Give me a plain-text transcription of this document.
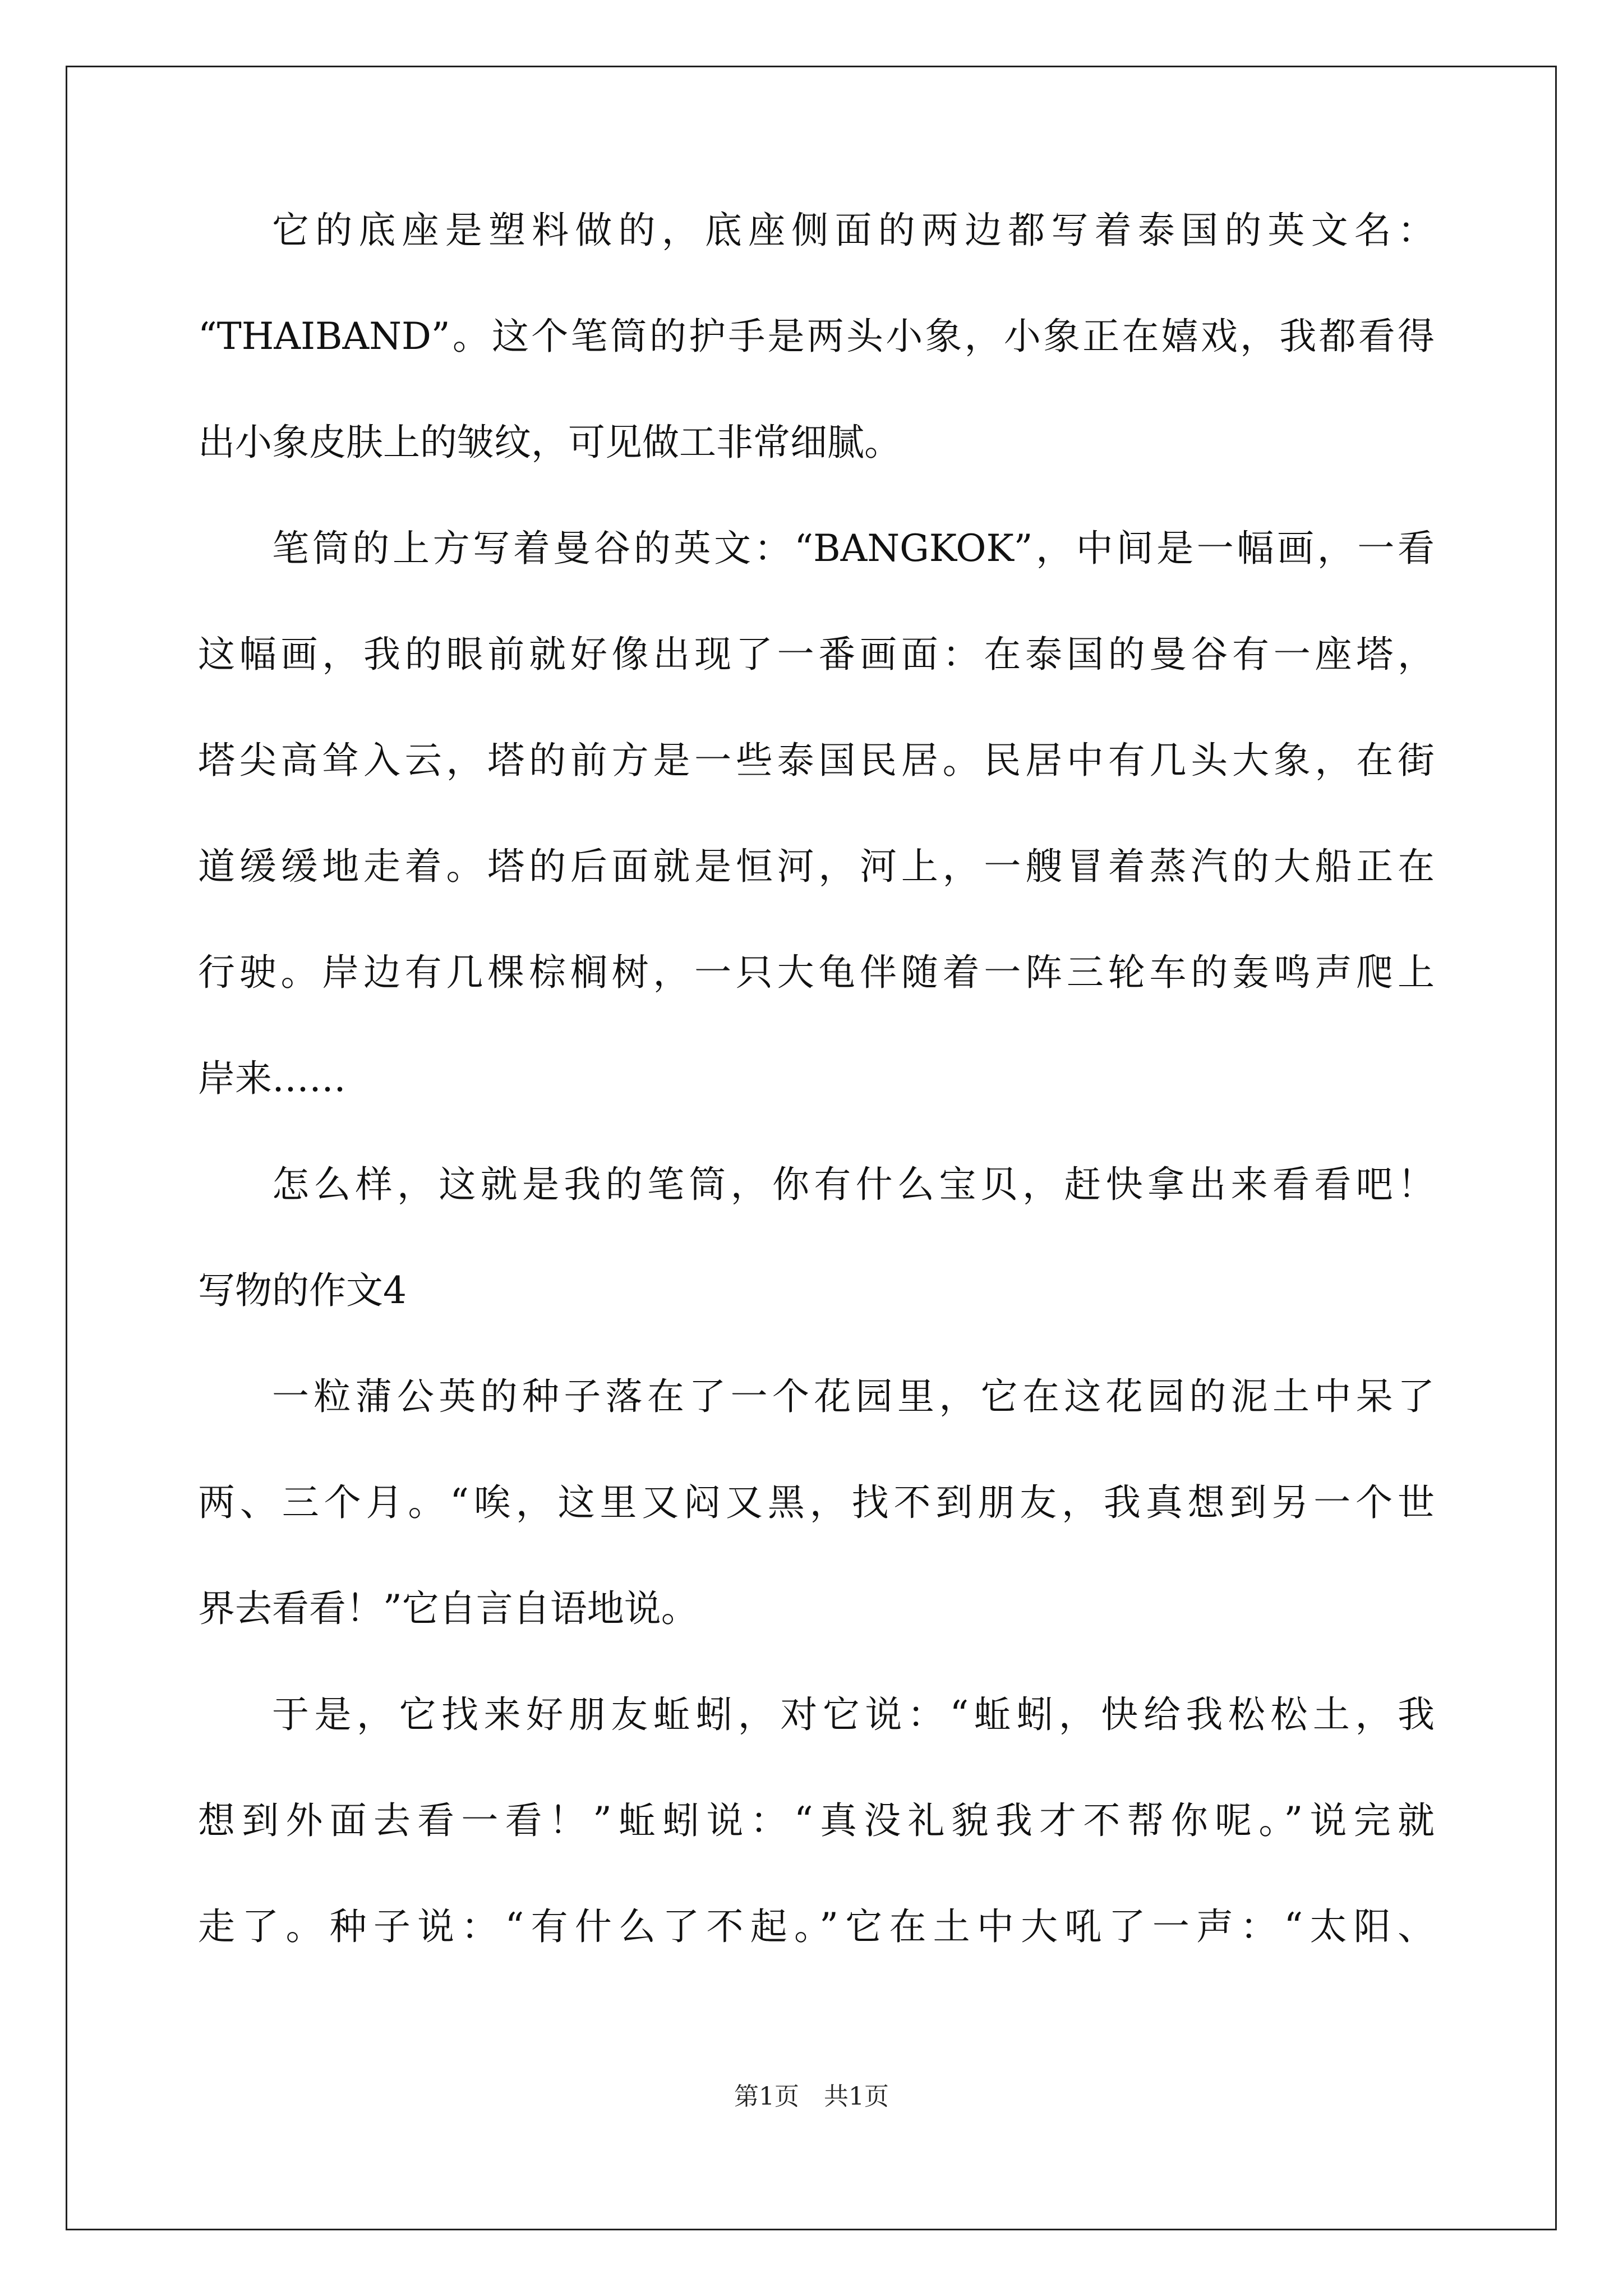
它的底座是塑料做的，底座侧面的两边都写着泰国的英文名：
“THAIBAND”。这个笔筒的护手是两头小象，小象正在嬉戏，我都看得
出小象皮肤上的皱纹，可见做工非常细腻。
笔筒的上方写着曼谷的英文：“BANGKOK”，中间是一幅画，一看
这幅画，我的眼前就好像出现了一番画面：在泰国的曼谷有一座塔，
塔尖高耸入云，塔的前方是一些泰国民居。民居中有几头大象，在街
道缓缓地走着。塔的后面就是恒河，河上，一艘冒着蒸汽的大船正在
行驶。岸边有几棵棕榈树，一只大龟伴随着一阵三轮车的轰鸣声爬上
岸来……
怎么样，这就是我的笔筒，你有什么宝贝，赶快拿出来看看吧！
写物的作文4
一粒蒲公英的种子落在了一个花园里，它在这花园的泥土中呆了
两、三个月。“唉，这里又闷又黑，找不到朋友，我真想到另一个世
界去看看！”它自言自语地说。
于是，它找来好朋友蚯蚓，对它说：“蚯蚓，快给我松松土，我
想到外面去看一看！”蚯蚓说：“真没礼貌我才不帮你呢。”说完就
走了。种子说：“有什么了不起。”它在土中大吼了一声：“太阳、
第1页　共1页
